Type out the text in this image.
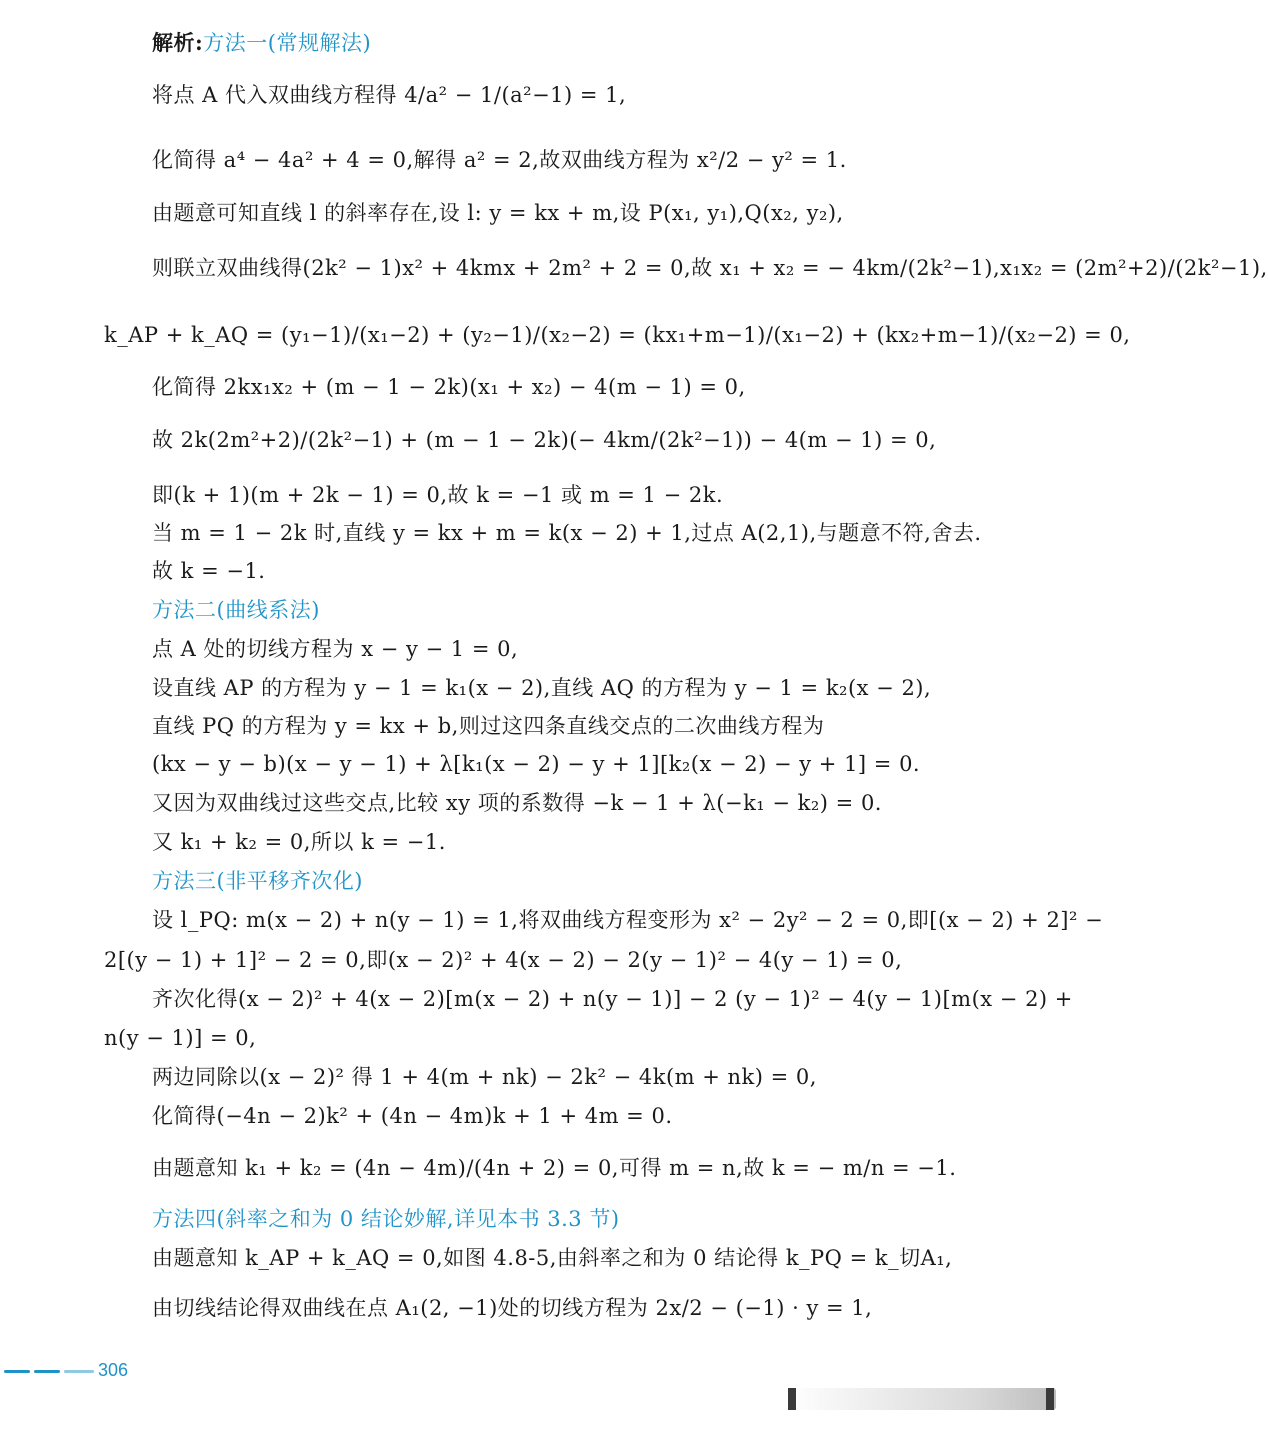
解析:方法一(常规解法)
将点 A 代入双曲线方程得 4/a² − 1/(a²−1) = 1,
化简得 a⁴ − 4a² + 4 = 0,解得 a² = 2,故双曲线方程为 x²/2 − y² = 1.
由题意可知直线 l 的斜率存在,设 l: y = kx + m,设 P(x₁, y₁),Q(x₂, y₂),
则联立双曲线得(2k² − 1)x² + 4kmx + 2m² + 2 = 0,故 x₁ + x₂ = − 4km/(2k²−1),x₁x₂ = (2m²+2)/(2k²−1),
k_AP + k_AQ = (y₁−1)/(x₁−2) + (y₂−1)/(x₂−2) = (kx₁+m−1)/(x₁−2) + (kx₂+m−1)/(x₂−2) = 0,
化简得 2kx₁x₂ + (m − 1 − 2k)(x₁ + x₂) − 4(m − 1) = 0,
故 2k(2m²+2)/(2k²−1) + (m − 1 − 2k)(− 4km/(2k²−1)) − 4(m − 1) = 0,
即(k + 1)(m + 2k − 1) = 0,故 k = −1 或 m = 1 − 2k.
当 m = 1 − 2k 时,直线 y = kx + m = k(x − 2) + 1,过点 A(2,1),与题意不符,舍去.
故 k = −1.
方法二(曲线系法)
点 A 处的切线方程为 x − y − 1 = 0,
设直线 AP 的方程为 y − 1 = k₁(x − 2),直线 AQ 的方程为 y − 1 = k₂(x − 2),
直线 PQ 的方程为 y = kx + b,则过这四条直线交点的二次曲线方程为
(kx − y − b)(x − y − 1) + λ[k₁(x − 2) − y + 1][k₂(x − 2) − y + 1] = 0.
又因为双曲线过这些交点,比较 xy 项的系数得 −k − 1 + λ(−k₁ − k₂) = 0.
又 k₁ + k₂ = 0,所以 k = −1.
方法三(非平移齐次化)
设 l_PQ: m(x − 2) + n(y − 1) = 1,将双曲线方程变形为 x² − 2y² − 2 = 0,即[(x − 2) + 2]² −
2[(y − 1) + 1]² − 2 = 0,即(x − 2)² + 4(x − 2) − 2(y − 1)² − 4(y − 1) = 0,
齐次化得(x − 2)² + 4(x − 2)[m(x − 2) + n(y − 1)] − 2 (y − 1)² − 4(y − 1)[m(x − 2) +
n(y − 1)] = 0,
两边同除以(x − 2)² 得 1 + 4(m + nk) − 2k² − 4k(m + nk) = 0,
化简得(−4n − 2)k² + (4n − 4m)k + 1 + 4m = 0.
由题意知 k₁ + k₂ = (4n − 4m)/(4n + 2) = 0,可得 m = n,故 k = − m/n = −1.
方法四(斜率之和为 0 结论妙解,详见本书 3.3 节)
由题意知 k_AP + k_AQ = 0,如图 4.8-5,由斜率之和为 0 结论得 k_PQ = k_切A₁,
由切线结论得双曲线在点 A₁(2, −1)处的切线方程为 2x/2 − (−1) · y = 1,
306
